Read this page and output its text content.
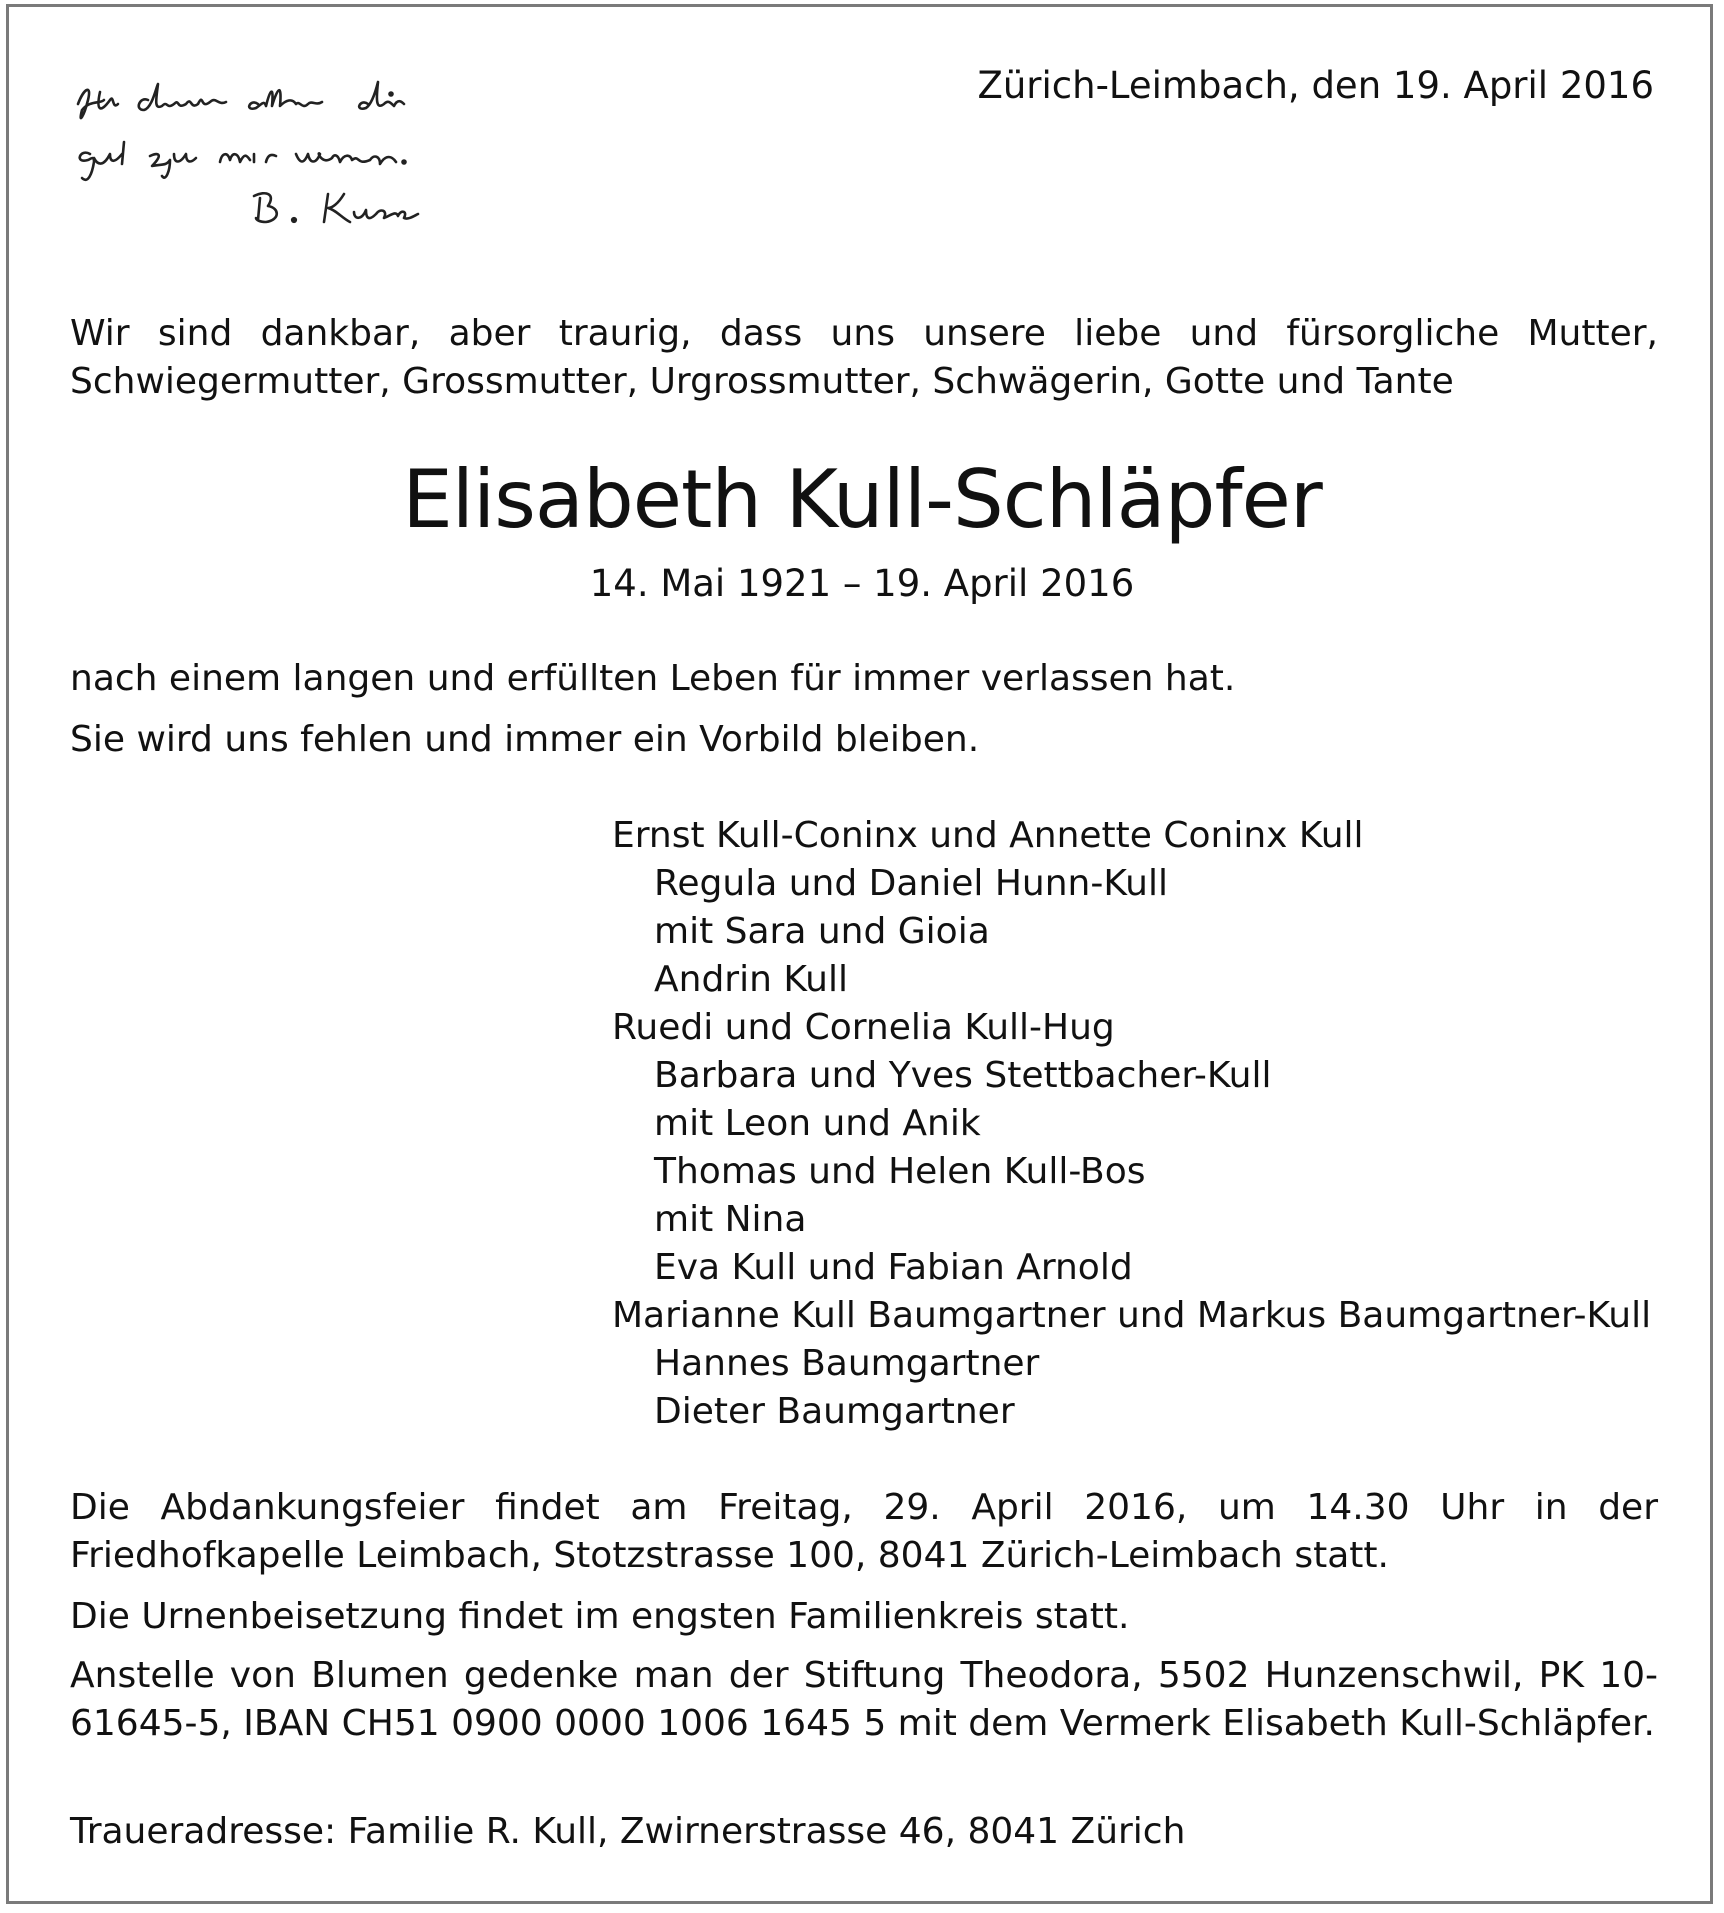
Zürich-Leimbach, den 19. April 2016
Wir sind dankbar, aber traurig, dass uns unsere liebe und fürsorgliche Mutter, Schwiegermutter, Grossmutter, Urgrossmutter, Schwägerin, Gotte und Tante
Elisabeth Kull-Schläpfer
14. Mai 1921 – 19. April 2016
nach einem langen und erfüllten Leben für immer verlassen hat.
Sie wird uns fehlen und immer ein Vorbild bleiben.
Ernst Kull-Coninx und Annette Coninx Kull
Regula und Daniel Hunn-Kull
mit Sara und Gioia
Andrin Kull
Ruedi und Cornelia Kull-Hug
Barbara und Yves Stettbacher-Kull
mit Leon und Anik
Thomas und Helen Kull-Bos
mit Nina
Eva Kull und Fabian Arnold
Marianne Kull Baumgartner und Markus Baumgartner-Kull
Hannes Baumgartner
Dieter Baumgartner
Die Abdankungsfeier findet am Freitag, 29. April 2016, um 14.30 Uhr in der Friedhofkapelle Leimbach, Stotzstrasse 100, 8041 Zürich-Leimbach statt.
Die Urnenbeisetzung findet im engsten Familienkreis statt.
Anstelle von Blumen gedenke man der Stiftung Theodora, 5502 Hunzenschwil, PK 10-61645-5, IBAN CH51 0900 0000 1006 1645 5 mit dem Vermerk Elisabeth Kull-Schläpfer.
Traueradresse: Familie R. Kull, Zwirnerstrasse 46, 8041 Zürich
